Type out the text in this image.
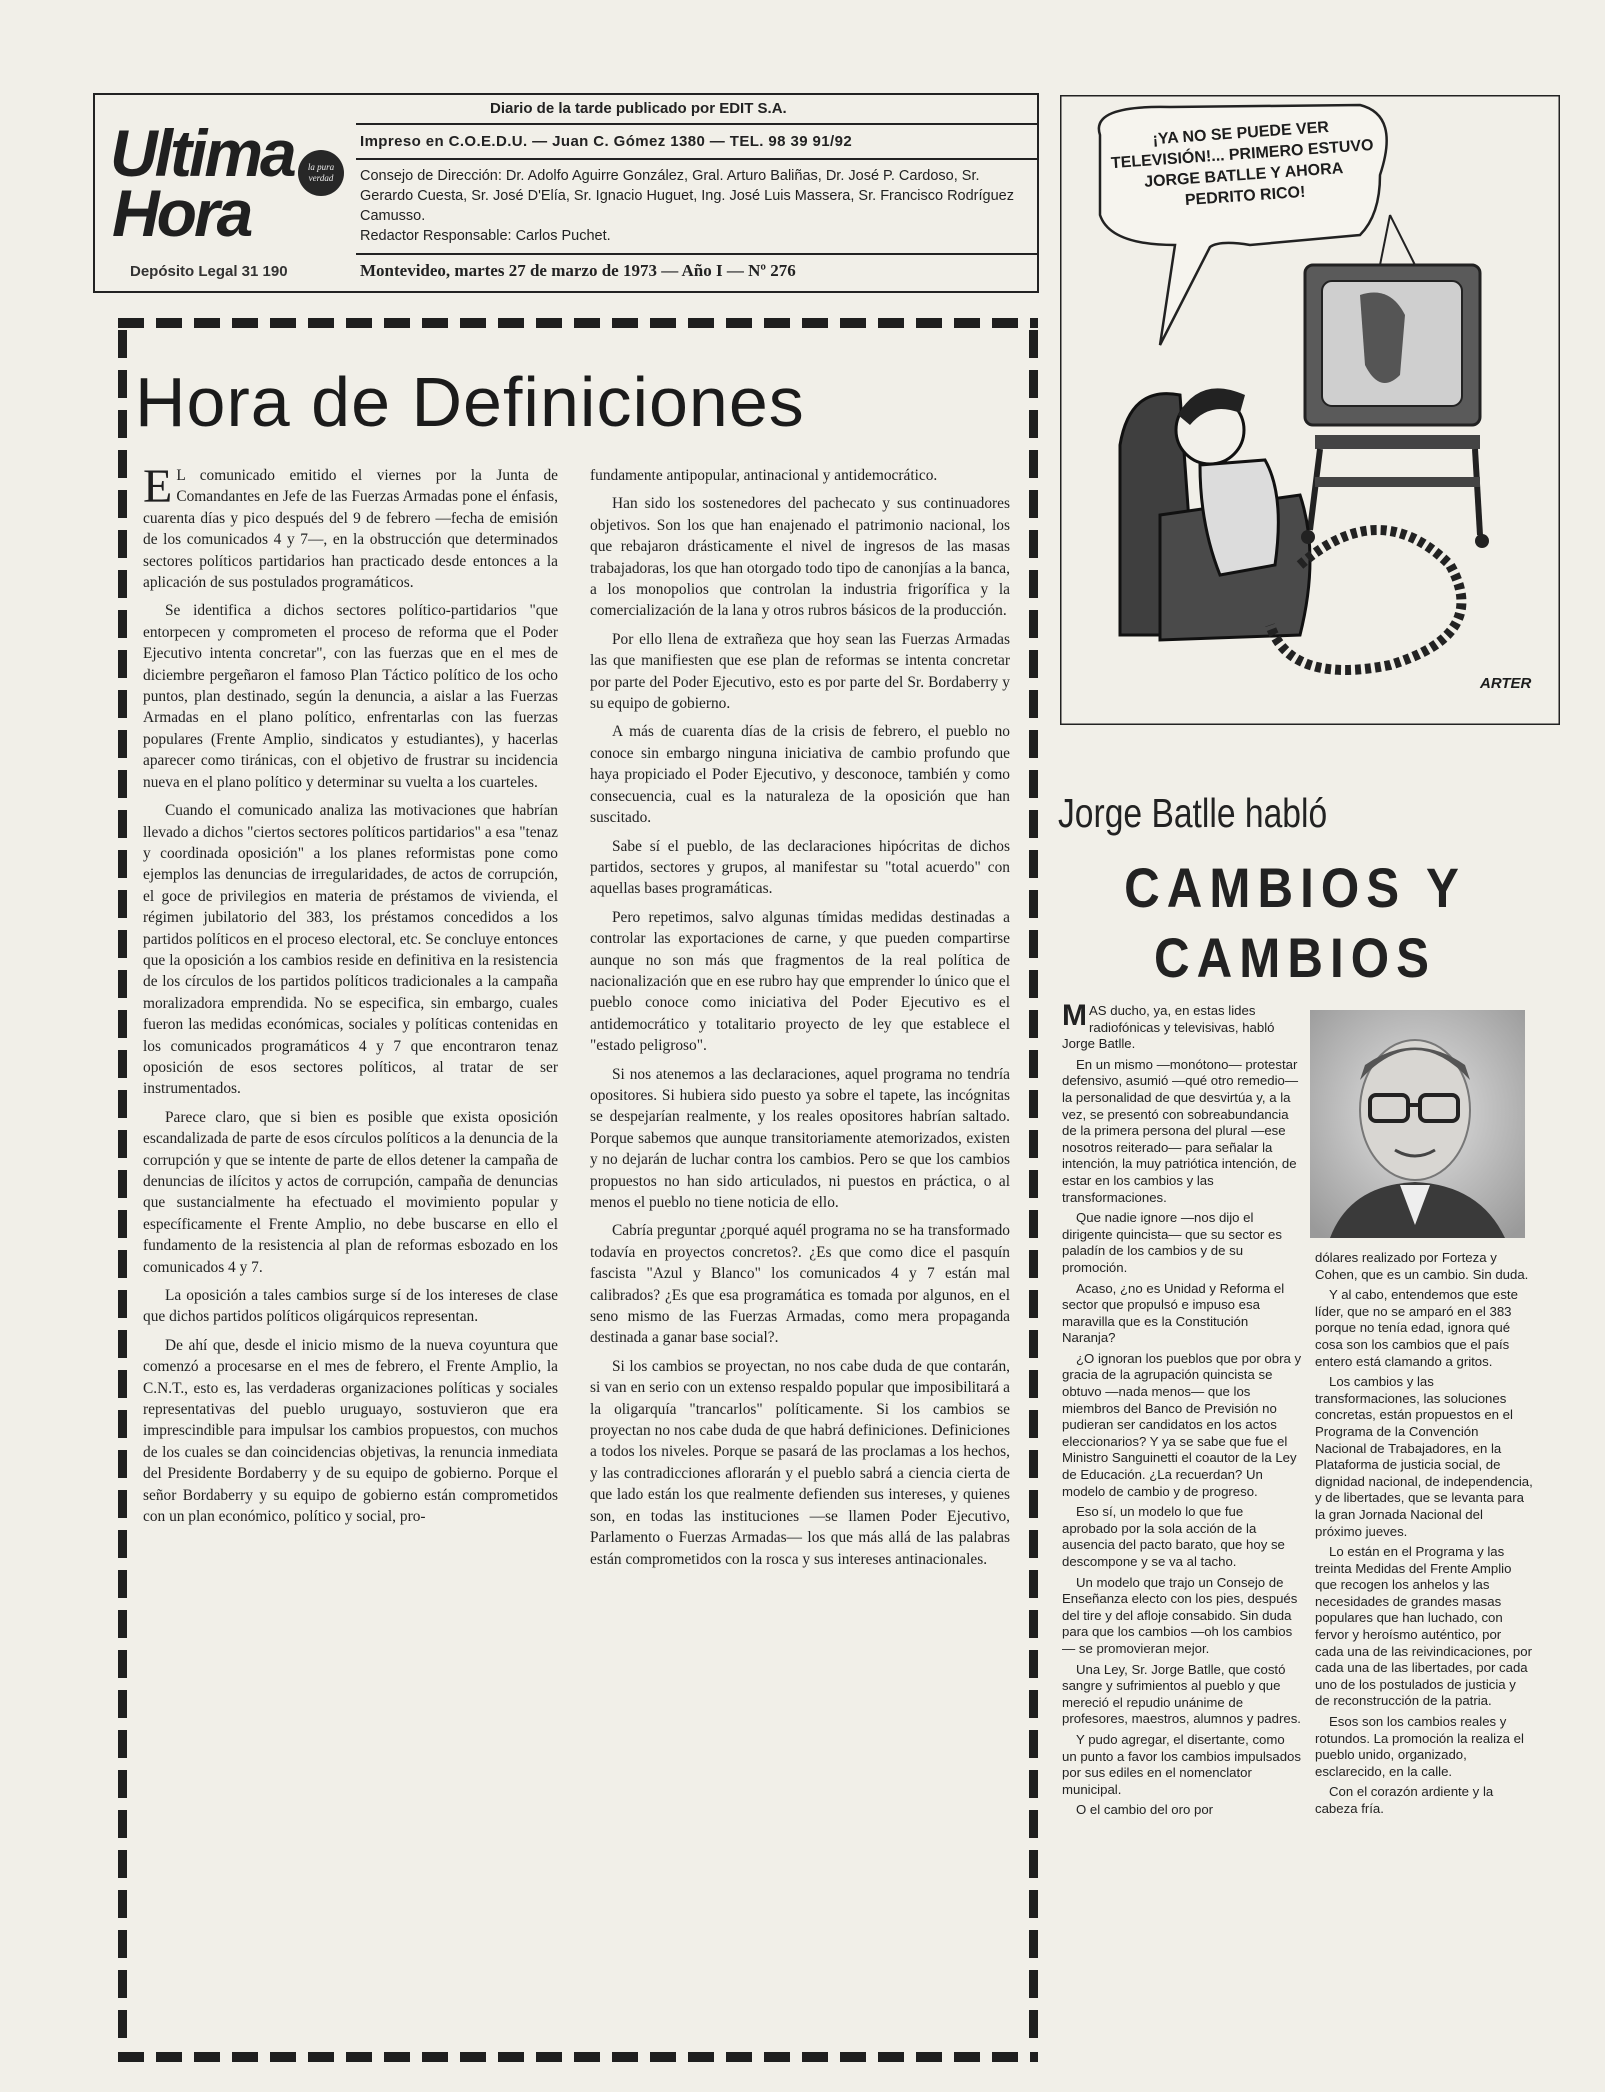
Ultima
Hora
la pura verdad
Depósito Legal 31 190
Diario de la tarde publicado por EDIT S.A.
Impreso en C.O.E.D.U. — Juan C. Gómez 1380 — TEL. 98 39 91/92
Consejo de Dirección: Dr. Adolfo Aguirre González, Gral. Arturo Baliñas, Dr. José P. Cardoso, Sr. Gerardo Cuesta, Sr. José D'Elía, Sr. Ignacio Huguet, Ing. José Luis Massera, Sr. Francisco Rodríguez Camusso.
Redactor Responsable: Carlos Puchet.
Montevideo, martes 27 de marzo de 1973 — Año I — Nº 276
Hora de Definiciones

E L comunicado emitido el viernes por la Junta de Comandantes en Jefe de las Fuerzas Armadas pone el énfasis, cuarenta días y pico después del 9 de febrero —fecha de emisión de los comunicados 4 y 7—, en la obstrucción que determinados sectores políticos partidarios han practicado desde entonces a la aplicación de sus postulados programáticos.

Se identifica a dichos sectores político-partidarios "que entorpecen y comprometen el proceso de reforma que el Poder Ejecutivo intenta concretar", con las fuerzas que en el mes de diciembre pergeñaron el famoso Plan Táctico político de los ocho puntos, plan destinado, según la denuncia, a aislar a las Fuerzas Armadas en el plano político, enfrentarlas con las fuerzas populares (Frente Amplio, sindicatos y estudiantes), y hacerlas aparecer como tiránicas, con el objetivo de frustrar su incidencia nueva en el plano político y determinar su vuelta a los cuarteles.

Cuando el comunicado analiza las motivaciones que habrían llevado a dichos "ciertos sectores políticos partidarios" a esa "tenaz y coordinada oposición" a los planes reformistas pone como ejemplos las denuncias de irregularidades, de actos de corrupción, el goce de privilegios en materia de préstamos de vivienda, el régimen jubilatorio del 383, los préstamos concedidos a los partidos políticos en el proceso electoral, etc. Se concluye entonces que la oposición a los cambios reside en definitiva en la resistencia de los círculos de los partidos políticos tradicionales a la campaña moralizadora emprendida. No se especifica, sin embargo, cuales fueron las medidas económicas, sociales y políticas contenidas en los comunicados programáticos 4 y 7 que encontraron tenaz oposición de esos sectores políticos, al tratar de ser instrumentados.

Parece claro, que si bien es posible que exista oposición escandalizada de parte de esos círculos políticos a la denuncia de la corrupción y que se intente de parte de ellos detener la campaña de denuncias de ilícitos y actos de corrupción, campaña de denuncias que sustancialmente ha efectuado el movimiento popular y específicamente el Frente Amplio, no debe buscarse en ello el fundamento de la resistencia al plan de reformas esbozado en los comunicados 4 y 7.

La oposición a tales cambios surge sí de los intereses de clase que dichos partidos políticos oligárquicos representan.

De ahí que, desde el inicio mismo de la nueva coyuntura que comenzó a procesarse en el mes de febrero, el Frente Amplio, la C.N.T., esto es, las verdaderas organizaciones políticas y sociales representativas del pueblo uruguayo, sostuvieron que era imprescindible para impulsar los cambios propuestos, con muchos de los cuales se dan coincidencias objetivas, la renuncia inmediata del Presidente Bordaberry y de su equipo de gobierno. Porque el señor Bordaberry y su equipo de gobierno están comprometidos con un plan económico, político y social, pro-

fundamente antipopular, antinacional y antidemocrático.

Han sido los sostenedores del pachecato y sus continuadores objetivos. Son los que han enajenado el patrimonio nacional, los que rebajaron drásticamente el nivel de ingresos de las masas trabajadoras, los que han otorgado todo tipo de canonjías a la banca, a los monopolios que controlan la industria frigorífica y la comercialización de la lana y otros rubros básicos de la producción.

Por ello llena de extrañeza que hoy sean las Fuerzas Armadas las que manifiesten que ese plan de reformas se intenta concretar por parte del Poder Ejecutivo, esto es por parte del Sr. Bordaberry y su equipo de gobierno.

A más de cuarenta días de la crisis de febrero, el pueblo no conoce sin embargo ninguna iniciativa de cambio profundo que haya propiciado el Poder Ejecutivo, y desconoce, también y como consecuencia, cual es la naturaleza de la oposición que han suscitado.

Sabe sí el pueblo, de las declaraciones hipócritas de dichos partidos, sectores y grupos, al manifestar su "total acuerdo" con aquellas bases programáticas.

Pero repetimos, salvo algunas tímidas medidas destinadas a controlar las exportaciones de carne, y que pueden compartirse aunque no son más que fragmentos de la real política de nacionalización que en ese rubro hay que emprender lo único que el pueblo conoce como iniciativa del Poder Ejecutivo es el antidemocrático y totalitario proyecto de ley que establece el "estado peligroso".

Si nos atenemos a las declaraciones, aquel programa no tendría opositores. Si hubiera sido puesto ya sobre el tapete, las incógnitas se despejarían realmente, y los reales opositores habrían saltado. Porque sabemos que aunque transitoriamente atemorizados, existen y no dejarán de luchar contra los cambios. Pero se que los cambios propuestos no han sido articulados, ni puestos en práctica, o al menos el pueblo no tiene noticia de ello.

Cabría preguntar ¿porqué aquél programa no se ha transformado todavía en proyectos concretos?. ¿Es que como dice el pasquín fascista "Azul y Blanco" los comunicados 4 y 7 están mal calibrados? ¿Es que esa programática es tomada por algunos, en el seno mismo de las Fuerzas Armadas, como mera propaganda destinada a ganar base social?.

Si los cambios se proyectan, no nos cabe duda de que contarán, si van en serio con un extenso respaldo popular que imposibilitará a la oligarquía "trancarlos" políticamente. Si los cambios se proyectan no nos cabe duda de que habrá definiciones. Definiciones a todos los niveles. Porque se pasará de las proclamas a los hechos, y las contradicciones aflorarán y el pueblo sabrá a ciencia cierta de que lado están los que realmente defienden sus intereses, y quienes son, en todas las instituciones —se llamen Poder Ejecutivo, Parlamento o Fuerzas Armadas— los que más allá de las palabras están comprometidos con la rosca y sus intereses antinacionales.

¡YA NO SE PUEDE VER TELEVISIÓN!... PRIMERO ESTUVO JORGE BATLLE Y AHORA PEDRITO RICO!
ARTER
Jorge Batlle habló
CAMBIOS Y
CAMBIOS

MAS ducho, ya, en estas lides radiofónicas y televisivas, habló Jorge Batlle.

En un mismo —monótono— protestar defensivo, asumió —qué otro remedio— la personalidad de que desvirtúa y, a la vez, se presentó con sobreabundancia de la primera persona del plural —ese nosotros reiterado— para señalar la intención, la muy patriótica intención, de estar en los cambios y las transformaciones.

Que nadie ignore —nos dijo el dirigente quincista— que su sector es paladín de los cambios y de su promoción.

Acaso, ¿no es Unidad y Reforma el sector que propulsó e impuso esa maravilla que es la Constitución Naranja?

¿O ignoran los pueblos que por obra y gracia de la agrupación quincista se obtuvo —nada menos— que los miembros del Banco de Previsión no pudieran ser candidatos en los actos eleccionarios? Y ya se sabe que fue el Ministro Sanguinetti el coautor de la Ley de Educación. ¿La recuerdan? Un modelo de cambio y de progreso.

Eso sí, un modelo lo que fue aprobado por la sola acción de la ausencia del pacto barato, que hoy se descompone y se va al tacho.

Un modelo que trajo un Consejo de Enseñanza electo con los pies, después del tire y del afloje consabido. Sin duda para que los cambios —oh los cambios— se promovieran mejor.

Una Ley, Sr. Jorge Batlle, que costó sangre y sufrimientos al pueblo y que mereció el repudio unánime de profesores, maestros, alumnos y padres.

Y pudo agregar, el disertante, como un punto a favor los cambios impulsados por sus ediles en el nomenclator municipal.

O el cambio del oro por

dólares realizado por Forteza y Cohen, que es un cambio. Sin duda.

Y al cabo, entendemos que este líder, que no se amparó en el 383 porque no tenía edad, ignora qué cosa son los cambios que el país entero está clamando a gritos.

Los cambios y las transformaciones, las soluciones concretas, están propuestos en el Programa de la Convención Nacional de Trabajadores, en la Plataforma de justicia social, de dignidad nacional, de independencia, y de libertades, que se levanta para la gran Jornada Nacional del próximo jueves.

Lo están en el Programa y las treinta Medidas del Frente Amplio que recogen los anhelos y las necesidades de grandes masas populares que han luchado, con fervor y heroísmo auténtico, por cada una de las reivindicaciones, por cada una de las libertades, por cada uno de los postulados de justicia y de reconstrucción de la patria.

Esos son los cambios reales y rotundos. La promoción la realiza el pueblo unido, organizado, esclarecido, en la calle.

Con el corazón ardiente y la cabeza fría.
